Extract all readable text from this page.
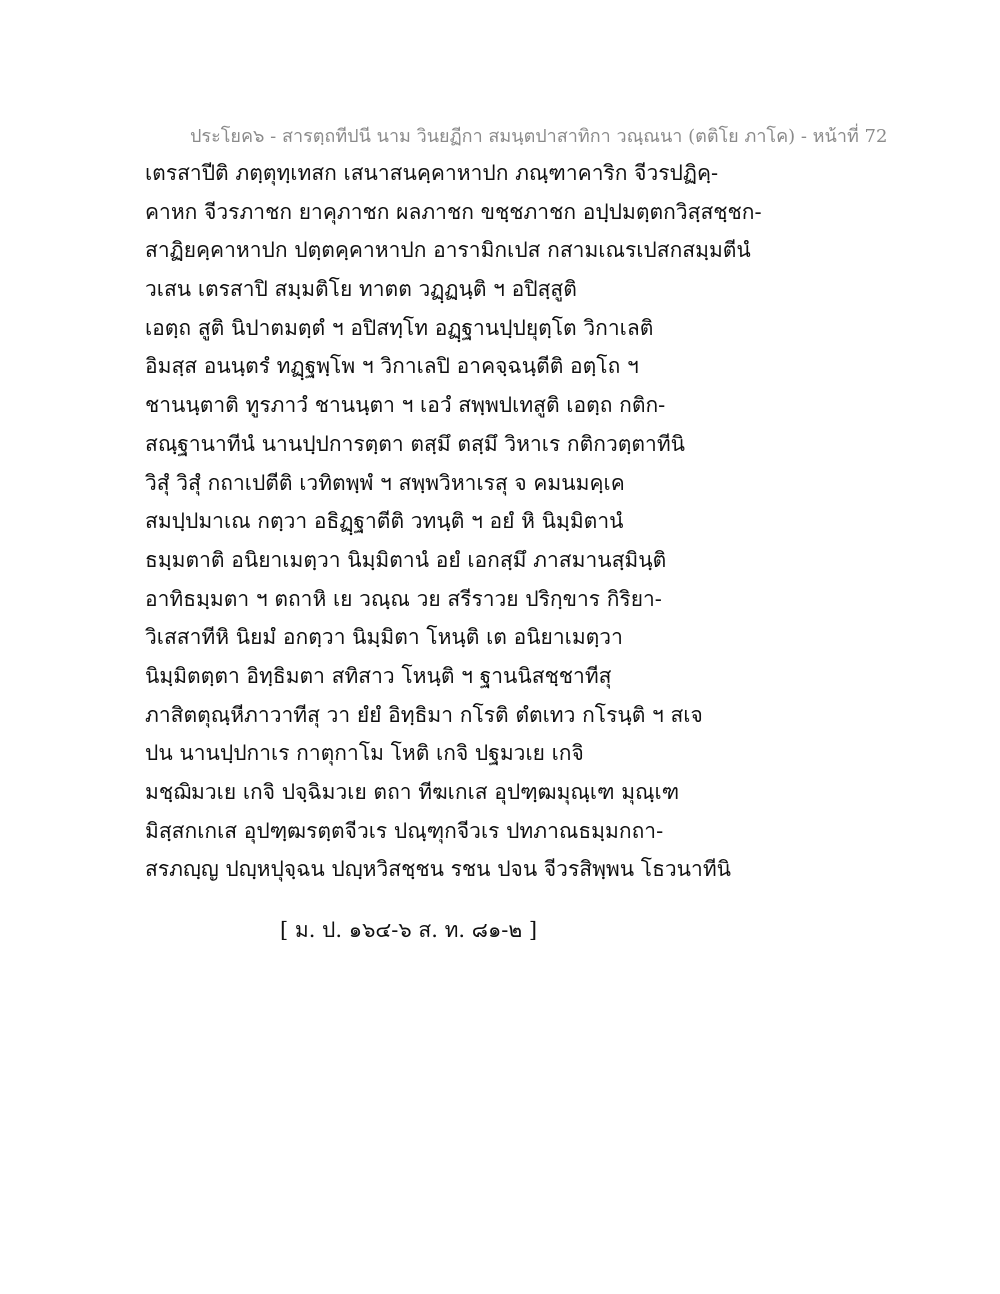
ประโยค๖ - สารตฺถทีปนี นาม วินยฏีกา สมนฺตปาสาทิกา วณฺณนา (ตติโย ภาโค) - หน้าที่ 72
เตรสาปีติ ภตฺตุทฺเทสก เสนาสนคฺคาหาปก ภณฺฑาคาริก จีวรปฏิคฺ-
คาหก จีวรภาชก ยาคุภาชก ผลภาชก ขชฺชภาชก อปฺปมตฺตกวิสฺสชฺชก-
สาฏิยคฺคาหาปก ปตฺตคฺคาหาปก อารามิกเปส กสามเณรเปสกสมฺมตีนํ
วเสน เตรสาปิ สมฺมติโย ทาตต วฏฺฏนฺติ ฯ อปิสฺสูติ
เอตฺถ สูติ นิปาตมตฺตํ ฯ อปิสทฺโท อฏฺฐานปฺปยุตฺโต วิกาเลติ
อิมสฺส อนนฺตรํ ทฏฺฐพฺโพ ฯ วิกาเลปิ อาคจฺฉนฺตีติ อตฺโถ ฯ
ชานนฺตาติ ทูรภาวํ ชานนฺตา ฯ เอวํ สพฺพปเทสูติ เอตฺถ กติก-
สณฺฐานาทีนํ นานปฺปการตฺตา ตสฺมึ ตสฺมึ วิหาเร กติกวตฺตาทีนิ
วิสุํ วิสุํ กถาเปตีติ เวทิตพฺพํ ฯ สพฺพวิหาเรสุ จ คมนมคฺเค
สมปฺปมาเณ กตฺวา อธิฏฺฐาตีติ วทนฺติ ฯ อยํ หิ นิมฺมิตานํ
ธมฺมตาติ อนิยาเมตฺวา นิมฺมิตานํ อยํ เอกสฺมึ ภาสมานสฺมินฺติ
อาทิธมฺมตา ฯ ตถาหิ เย วณฺณ วย สรีราวย ปริกฺขาร กิริยา-
วิเสสาทีหิ นิยมํ อกตฺวา นิมฺมิตา โหนฺติ เต อนิยาเมตฺวา
นิมฺมิตตฺตา อิทฺธิมตา สทิสาว โหนฺติ ฯ ฐานนิสชฺชาทีสุ
ภาสิตตุณฺหีภาวาทีสุ วา ยํยํ อิทฺธิมา กโรติ ตํตเทว กโรนฺติ ฯ สเจ
ปน นานปฺปกาเร กาตุกาโม โหติ เกจิ ปฐมวเย เกจิ
มชฺฌิมวเย เกจิ ปจฺฉิมวเย ตถา ทีฆเกเส อุปฑฺฒมุณฺเฑ มุณฺเฑ
มิสฺสกเกเส อุปฑฺฒรตฺตจีวเร ปณฺฑุกจีวเร ปทภาณธมฺมกถา-
สรภญฺญ ปญฺหปุจฺฉน ปญฺหวิสชฺชน รชน ปจน จีวรสิพฺพน โธวนาทีนิ
[ ม. ป. ๑๖๔-๖ ส. ท. ๘๑-๒ ]
